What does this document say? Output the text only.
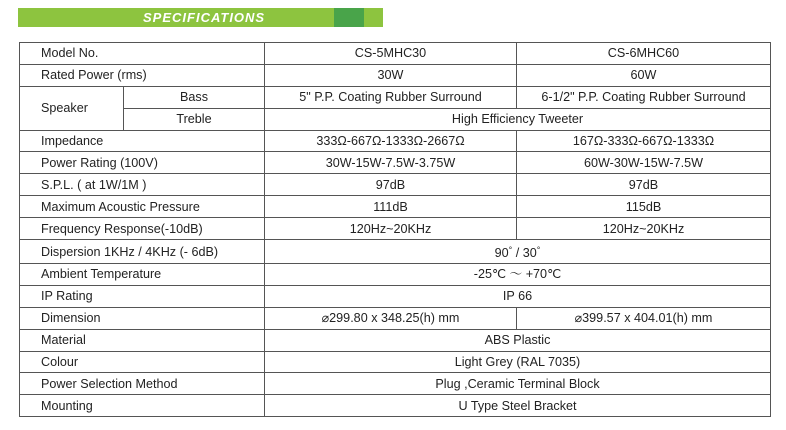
SPECIFICATIONS
Model No.		CS-5MHC30	CS-6MHC60
Rated Power (rms)		30W	60W
Speaker	Bass	5" P.P. Coating Rubber Surround	6-1/2" P.P. Coating Rubber Surround
	Treble	High Efficiency Tweeter	
Impedance		333Ω-667Ω-1333Ω-2667Ω	167Ω-333Ω-667Ω-1333Ω
Power Rating (100V)		30W-15W-7.5W-3.75W	60W-30W-15W-7.5W
S.P.L. ( at 1W/1M )		97dB	97dB
Maximum Acoustic Pressure		111dB	115dB
Frequency Response(-10dB)		120Hz~20KHz	120Hz~20KHz
Dispersion 1KHz / 4KHz (- 6dB)		90° / 30°
Ambient Temperature		-25℃ ～ +70℃	
IP Rating		IP 66	
Dimension		⌀299.80 x 348.25(h) mm	⌀399.57 x 404.01(h) mm
Material		ABS Plastic	
Colour		Light Grey (RAL 7035)	
Power Selection Method		Plug ,Ceramic Terminal Block	
Mounting		U Type Steel Bracket	
